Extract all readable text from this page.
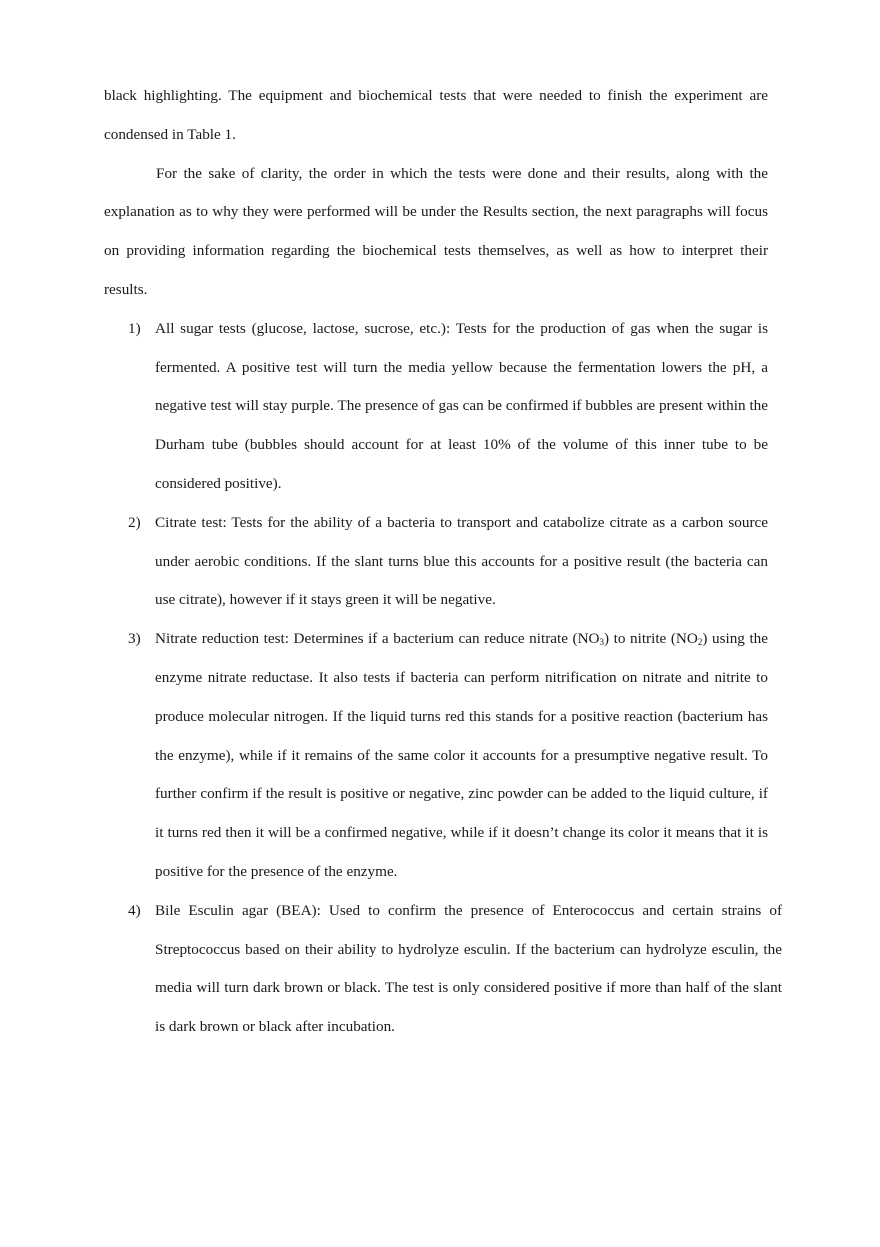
black highlighting. The equipment and biochemical tests that were needed to finish the experiment are condensed in Table 1.

For the sake of clarity, the order in which the tests were done and their results, along with the explanation as to why they were performed will be under the Results section, the next paragraphs will focus on providing information regarding the biochemical tests themselves, as well as how to interpret their results.

1) All sugar tests (glucose, lactose, sucrose, etc.): Tests for the production of gas when the sugar is fermented. A positive test will turn the media yellow because the fermentation lowers the pH, a negative test will stay purple. The presence of gas can be confirmed if bubbles are present within the Durham tube (bubbles should account for at least 10% of the volume of this inner tube to be considered positive).
2) Citrate test: Tests for the ability of a bacteria to transport and catabolize citrate as a carbon source under aerobic conditions. If the slant turns blue this accounts for a positive result (the bacteria can use citrate), however if it stays green it will be negative.
3) Nitrate reduction test: Determines if a bacterium can reduce nitrate $(NO_3)$ to nitrite $(NO_2)$ using the enzyme nitrate reductase. It also tests if bacteria can perform nitrification on nitrate and nitrite to produce molecular nitrogen. If the liquid turns red this stands for a positive reaction (bacterium has the enzyme), while if it remains of the same color it accounts for a presumptive negative result. To further confirm if the result is positive or negative, zinc powder can be added to the liquid culture, if it turns red then it will be a confirmed negative, while if it doesn’t change its color it means that it is positive for the presence of the enzyme.
4) Bile Esculin agar (BEA): Used to confirm the presence of Enterococcus and certain strains of Streptococcus based on their ability to hydrolyze esculin. If the bacterium can hydrolyze esculin, the media will turn dark brown or black. The test is only considered positive if more than half of the slant is dark brown or black after incubation.
